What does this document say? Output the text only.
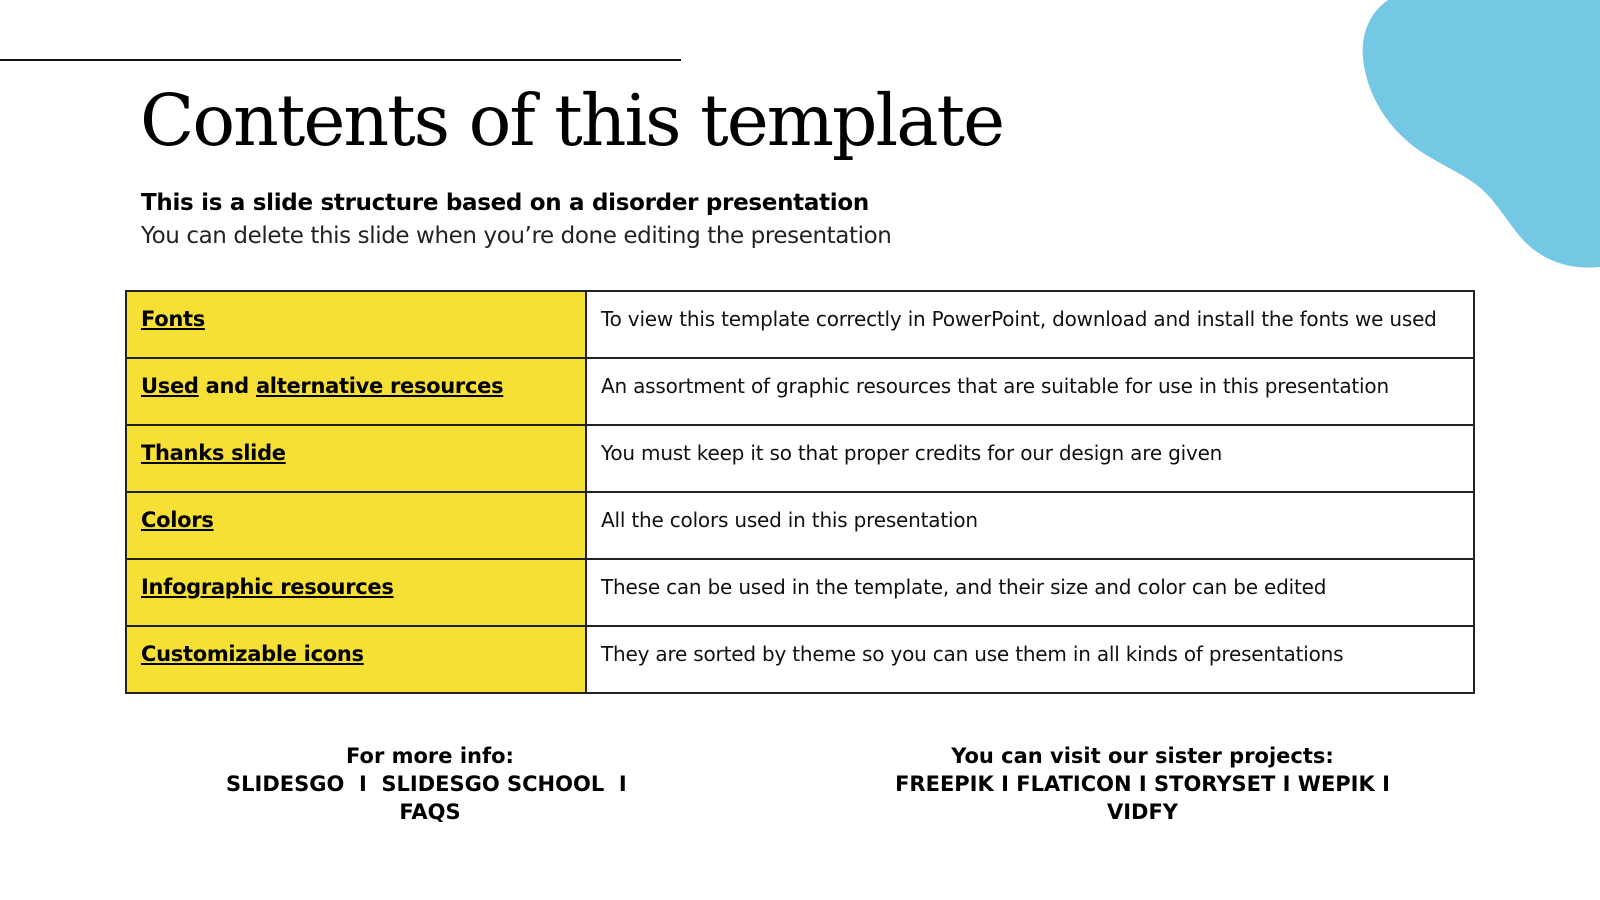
Contents of this template
This is a slide structure based on a disorder presentation
You can delete this slide when you’re done editing the presentation
Fonts	To view this template correctly in PowerPoint, download and install the fonts we used
Used and alternative resources	An assortment of graphic resources that are suitable for use in this presentation
Thanks slide	You must keep it so that proper credits for our design are given
Colors	All the colors used in this presentation
Infographic resources	These can be used in the template, and their size and color can be edited
Customizable icons	They are sorted by theme so you can use them in all kinds of presentations
For more info:
SLIDESGO I SLIDESGO SCHOOL I  FAQS
You can visit our sister projects:
FREEPIK I FLATICON I STORYSET I WEPIK I VIDFY
